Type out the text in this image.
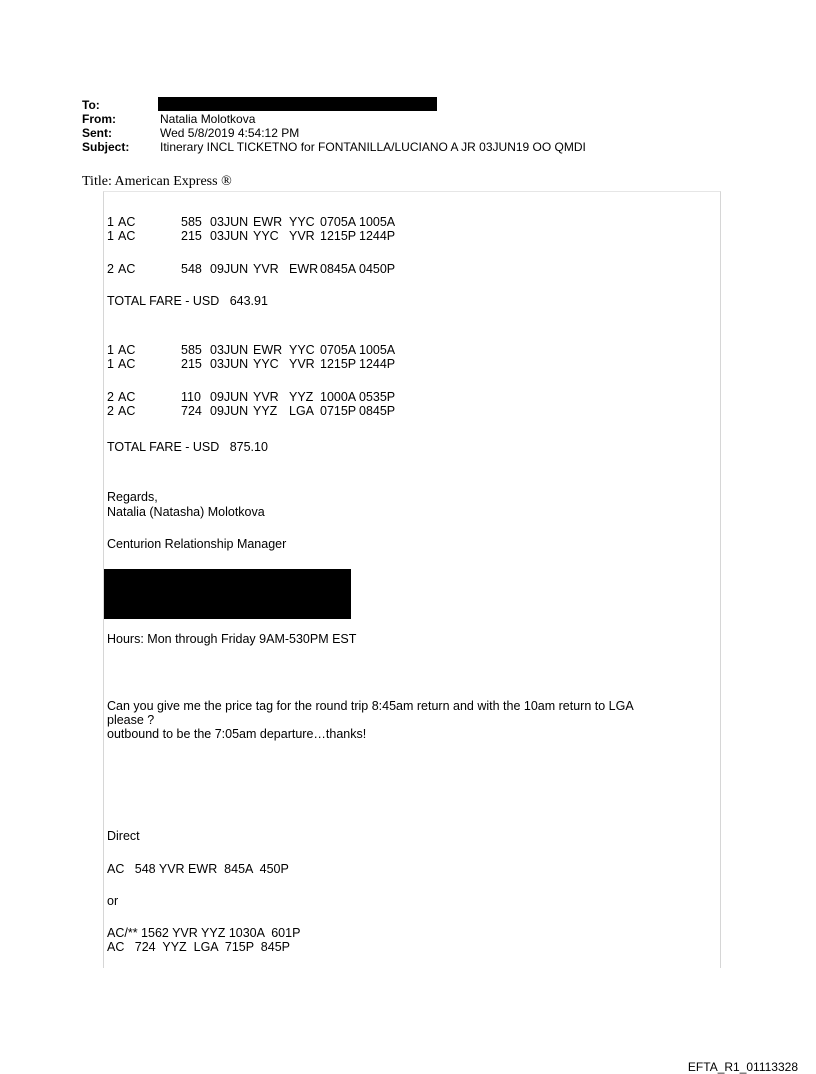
To:
From:	Natalia Molotkova
Sent:	Wed 5/8/2019 4:54:12 PM
Subject:	Itinerary INCL TICKETNO for FONTANILLA/LUCIANO A JR 03JUN19 OO QMDI
Title: American Express ®
1 AC	585 03JUN EWR YYC 0705A 1005A
1 AC	215 03JUN YYC YVR 1215P 1244P
2 AC	548 09JUN YVR EWR 0845A 0450P
TOTAL FARE - USD   643.91
1 AC	585 03JUN EWR YYC 0705A 1005A
1 AC	215 03JUN YYC YVR 1215P 1244P
2 AC	110 09JUN YVR YYZ 1000A 0535P
2 AC	724 09JUN YYZ LGA 0715P 0845P
TOTAL FARE - USD   875.10
Regards,
Natalia (Natasha) Molotkova
Centurion Relationship Manager
Hours: Mon through Friday 9AM-530PM EST
Can you give me the price tag for the round trip 8:45am return and with the 10am return to LGA
please ?
outbound to be the 7:05am departure…thanks!
Direct
AC   548 YVR EWR  845A  450P
or
AC/** 1562 YVR YYZ 1030A  601P
AC   724  YYZ  LGA  715P  845P
EFTA_R1_01113328
